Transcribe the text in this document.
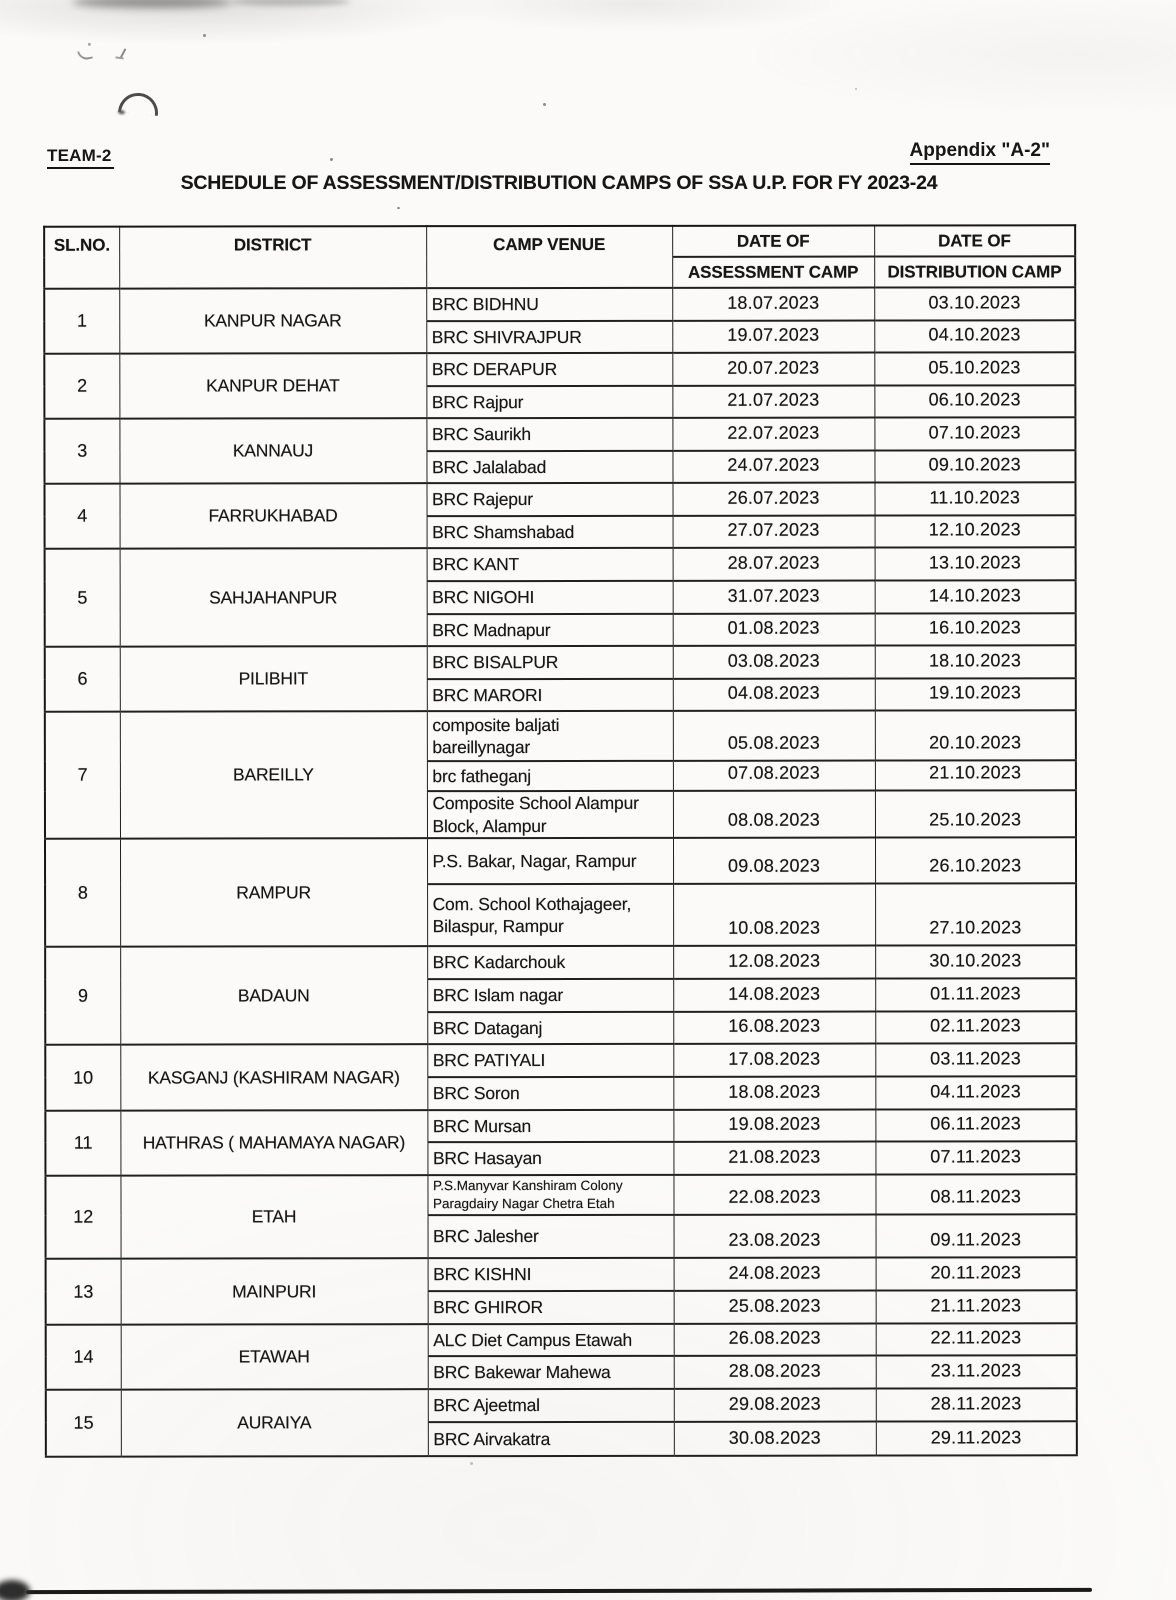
TEAM-2	Appendix "A-2"
SCHEDULE OF ASSESSMENT/DISTRIBUTION CAMPS OF SSA U.P. FOR FY 2023-24
SL.NO.	DISTRICT	CAMP VENUE	DATE OF	DATE OF
			ASSESSMENT CAMP	DISTRIBUTION CAMP
1	KANPUR NAGAR	BRC BIDHNU	18.07.2023	03.10.2023
		BRC SHIVRAJPUR	19.07.2023	04.10.2023
2	KANPUR DEHAT	BRC DERAPUR	20.07.2023	05.10.2023
		BRC Rajpur	21.07.2023	06.10.2023
3	KANNAUJ	BRC Saurikh	22.07.2023	07.10.2023
		BRC Jalalabad	24.07.2023	09.10.2023
4	FARRUKHABAD	BRC Rajepur	26.07.2023	11.10.2023
		BRC Shamshabad	27.07.2023	12.10.2023
5	SAHJAHANPUR	BRC KANT	28.07.2023	13.10.2023
		BRC NIGOHI	31.07.2023	14.10.2023
		BRC Madnapur	01.08.2023	16.10.2023
6	PILIBHIT	BRC BISALPUR	03.08.2023	18.10.2023
		BRC MARORI	04.08.2023	19.10.2023
7	BAREILLY	composite baljati
bareillynagar	05.08.2023	20.10.2023
		brc fatheganj	07.08.2023	21.10.2023
		Composite School Alampur
Block, Alampur	08.08.2023	25.10.2023
8	RAMPUR	P.S. Bakar, Nagar, Rampur	09.08.2023	26.10.2023
		Com. School Kothajageer,
Bilaspur, Rampur	10.08.2023	27.10.2023
9	BADAUN	BRC Kadarchouk	12.08.2023	30.10.2023
		BRC Islam nagar	14.08.2023	01.11.2023
		BRC Dataganj	16.08.2023	02.11.2023
10	KASGANJ (KASHIRAM NAGAR)	BRC PATIYALI	17.08.2023	03.11.2023
		BRC Soron	18.08.2023	04.11.2023
11	HATHRAS ( MAHAMAYA NAGAR)	BRC Mursan	19.08.2023	06.11.2023
		BRC Hasayan	21.08.2023	07.11.2023
12	ETAH	P.S.Manyvar Kanshiram Colony
Paragdairy Nagar Chetra Etah	22.08.2023	08.11.2023
		BRC Jalesher	23.08.2023	09.11.2023
13	MAINPURI	BRC KISHNI	24.08.2023	20.11.2023
		BRC GHIROR	25.08.2023	21.11.2023
14	ETAWAH	ALC Diet Campus Etawah	26.08.2023	22.11.2023
		BRC Bakewar Mahewa	28.08.2023	23.11.2023
15	AURAIYA	BRC Ajeetmal	29.08.2023	28.11.2023
		BRC Airvakatra	30.08.2023	29.11.2023
